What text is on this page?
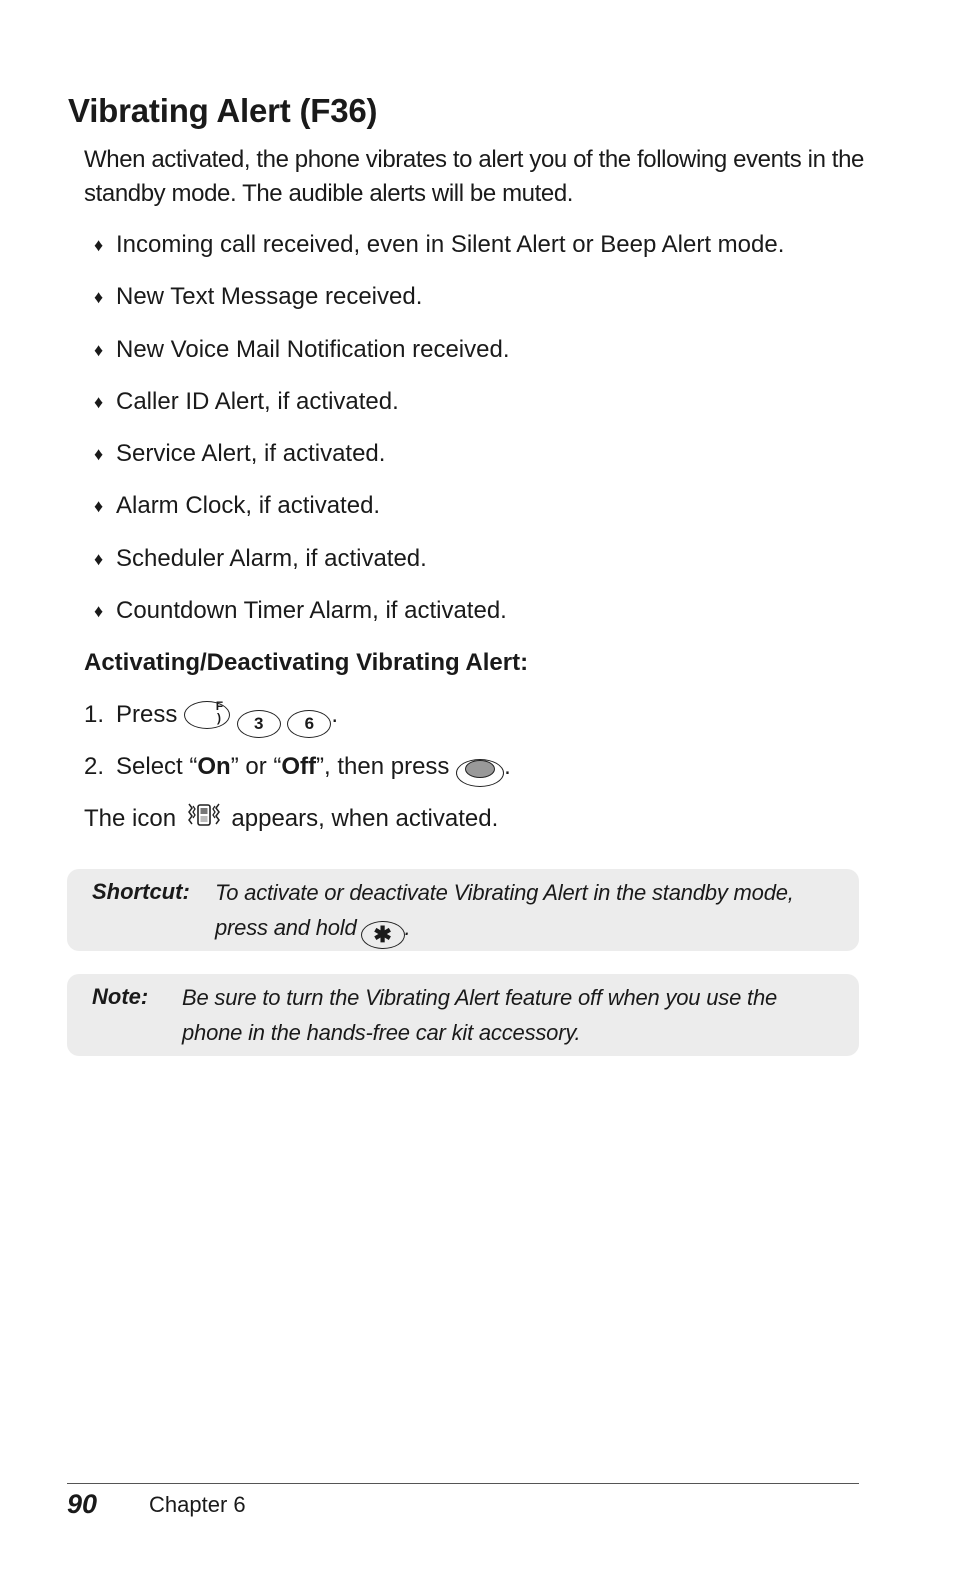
Vibrating Alert (F36)

When activated, the phone vibrates to alert you of the following events in the standby mode. The audible alerts will be muted.

♦ Incoming call received, even in Silent Alert or Beep Alert mode.
♦ New Text Message received.
♦ New Voice Mail Notification received.
♦ Caller ID Alert, if activated.
♦ Service Alert, if activated.
♦ Alarm Clock, if activated.
♦ Scheduler Alarm, if activated.
♦ Countdown Timer Alarm, if activated.

Activating/Deactivating Vibrating Alert:

1. Press	F
) 3 6 .
2. Select “On” or “Off”, then press .
The icon appears, when activated.
Shortcut: To activate or deactivate Vibrating Alert in the standby mode, press and hold ✱ .
Note: Be sure to turn the Vibrating Alert feature off when you use the phone in the hands-free car kit accessory.
90 Chapter 6
